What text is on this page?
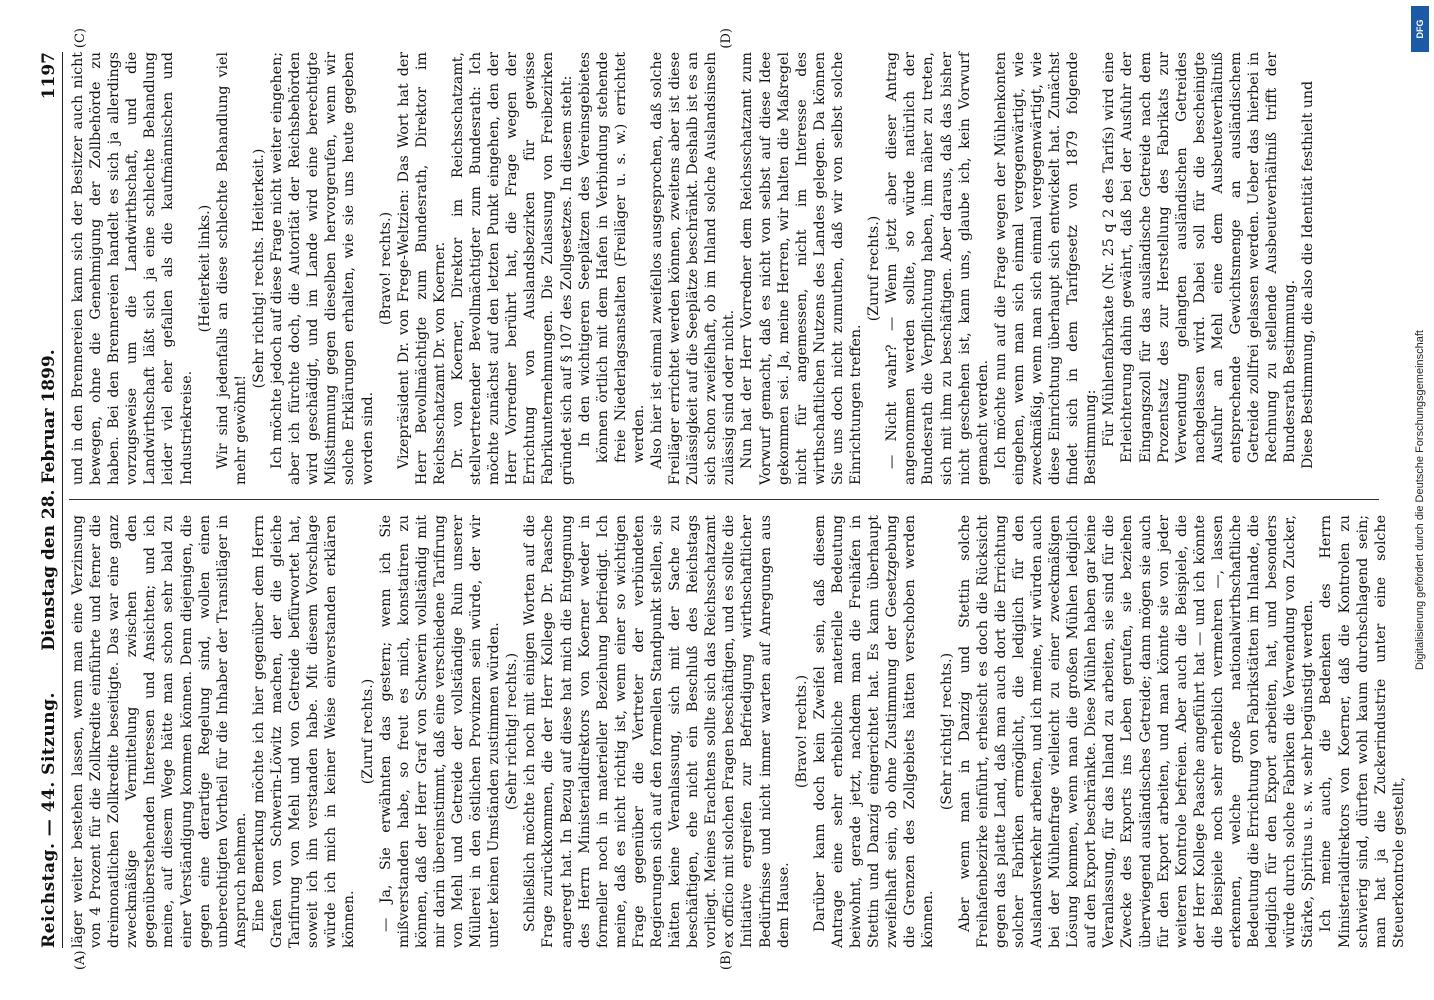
Reichstag. — 44. Sitzung.
Dienstag den 28. Februar 1899.
1197
(A)	(B)
(C)	(D)

läger weiter bestehen lassen, wenn man eine Verzinsung von 4 Prozent für die Zollkredite einführte und ferner die dreimonatlichen Zollkredite beseitigte. Das war eine ganz zweckmäßige Vermittelung zwischen den gegenüberstehenden Interessen und Ansichten; und ich meine, auf diesem Wege hätte man schon sehr bald zu einer Verständigung kommen können. Denn diejenigen, die gegen eine derartige Regelung sind, wollen einen unberechtigten Vortheil für die Inhaber der Transitläger in Anspruch nehmen. Eine Bemerkung möchte ich hier gegenüber dem Herrn Grafen von Schwerin-Löwitz machen, der die gleiche Tarifirung von Mehl und von Getreide befürwortet hat, soweit ich ihn verstanden habe. Mit diesem Vorschlage würde ich mich in keiner Weise einverstanden erklären können.

(Zuruf rechts.) — Ja, Sie erwähnten das gestern; wenn ich Sie mißverstanden habe, so freut es mich, konstatiren zu können, daß der Herr Graf von Schwerin vollständig mit mir darin übereinstimmt, daß eine verschiedene Tarifirung von Mehl und Getreide der vollständige Ruin unserer Müllerei in den östlichen Provinzen sein würde, der wir unter keinen Umständen zustimmen würden. (Sehr richtig! rechts.) Schließlich möchte ich noch mit einigen Worten auf die Frage zurückkommen, die der Herr Kollege Dr. Paasche angeregt hat. In Bezug auf diese hat mich die Entgegnung des Herrn Ministerialdirektors von Koerner weder in formeller noch in materieller Beziehung befriedigt. Ich meine, daß es nicht richtig ist, wenn einer so wichtigen Frage gegenüber die Vertreter der verbündeten Regierungen sich auf den formellen Standpunkt stellen, sie hätten keine Veranlassung, sich mit der Sache zu beschäftigen, ehe nicht ein Beschluß des Reichstags vorliegt. Meines Erachtens sollte sich das Reichsschatzamt ex officio mit solchen Fragen beschäftigen, und es sollte die Initiative ergreifen zur Befriedigung wirthschaftlicher Bedürfnisse und nicht immer warten auf Anregungen aus dem Hause.

(Bravo! rechts.) Darüber kann doch kein Zweifel sein, daß diesem Antrage eine sehr erhebliche materielle Bedeutung beiwohnt, gerade jetzt, nachdem man die Freihäfen in Stettin und Danzig eingerichtet hat. Es kann überhaupt zweifelhaft sein, ob ohne Zustimmung der Gesetzgebung die Grenzen des Zollgebiets hätten verschoben werden können.

(Sehr richtig! rechts.) Aber wenn man in Danzig und Stettin solche Freihafenbezirke einführt, erheischt es doch die Rücksicht gegen das platte Land, daß man auch dort die Errichtung solcher Fabriken ermöglicht, die lediglich für den Auslandsverkehr arbeiten, und ich meine, wir würden auch bei der Mühlenfrage vielleicht zu einer zweckmäßigen Lösung kommen, wenn man die großen Mühlen lediglich auf den Export beschränkte. Diese Mühlen haben gar keine Veranlassung, für das Inland zu arbeiten, sie sind für die Zwecke des Exports ins Leben gerufen, sie beziehen überwiegend ausländisches Getreide; dann mögen sie auch für den Export arbeiten, und man könnte sie von jeder weiteren Kontrole befreien. Aber auch die Beispiele, die der Herr Kollege Paasche angeführt hat — und ich könnte die Beispiele noch sehr erheblich vermehren —, lassen erkennen, welche große nationalwirthschaftliche Bedeutung die Errichtung von Fabrikstätten im Inlande, die lediglich für den Export arbeiten, hat, und besonders würde durch solche Fabriken die Verwendung von Zucker, Stärke, Spiritus u. s. w. sehr begünstigt werden. Ich meine auch, die Bedenken des Herrn Ministerialdirektors von Koerner, daß die Kontrolen zu schwierig sind, dürften wohl kaum durchschlagend sein; man hat ja die Zuckerindustrie unter eine solche Steuerkontrole gestellt,

und in den Brennereien kann sich der Besitzer auch nicht bewegen, ohne die Genehmigung der Zollbehörde zu haben. Bei den Brennereien handelt es sich ja allerdings vorzugsweise um die Landwirthschaft, und die Landwirthschaft läßt sich ja eine schlechte Behandlung leider viel eher gefallen als die kaufmännischen und Industriekreise.

(Heiterkeit links.) Wir sind jedenfalls an diese schlechte Behandlung viel mehr gewöhnt!

(Sehr richtig! rechts. Heiterkeit.) Ich möchte jedoch auf diese Frage nicht weiter eingehen; aber ich fürchte doch, die Autorität der Reichsbehörden wird geschädigt, und im Lande wird eine berechtigte Mißstimmung gegen dieselben hervorgerufen, wenn wir solche Erklärungen erhalten, wie sie uns heute gegeben worden sind.

(Bravo! rechts.) Vizepräsident Dr. von Frege-Weltzien: Das Wort hat der Herr Bevollmächtigte zum Bundesrath, Direktor im Reichsschatzamt Dr. von Koerner. Dr. von Koerner, Direktor im Reichsschatzamt, stellvertretender Bevollmächtigter zum Bundesrath: Ich möchte zunächst auf den letzten Punkt eingehen, den der Herr Vorredner berührt hat, die Frage wegen der Errichtung von Auslandsbezirken für gewisse Fabrikunternehmungen. Die Zulassung von Freibezirken gründet sich auf § 107 des Zollgesetzes. In diesem steht: In den wichtigeren Seeplätzen des Vereinsgebietes können örtlich mit dem Hafen in Verbindung stehende freie Niederlagsanstalten (Freiläger u. s. w.) errichtet werden. Also hier ist einmal zweifellos ausgesprochen, daß solche Freiläger errichtet werden können, zweitens aber ist diese Zulässigkeit auf die Seeplätze beschränkt. Deshalb ist es an sich schon zweifelhaft, ob im Inland solche Auslandsinseln zulässig sind oder nicht. Nun hat der Herr Vorredner dem Reichsschatzamt zum Vorwurf gemacht, daß es nicht von selbst auf diese Idee gekommen sei. Ja, meine Herren, wir halten die Maßregel nicht für angemessen, nicht im Interesse des wirthschaftlichen Nutzens des Landes gelegen. Da können Sie uns doch nicht zumuthen, daß wir von selbst solche Einrichtungen treffen.

(Zuruf rechts.) — Nicht wahr? — Wenn jetzt aber dieser Antrag angenommen werden sollte, so würde natürlich der Bundesrath die Verpflichtung haben, ihm näher zu treten, sich mit ihm zu beschäftigen. Aber daraus, daß das bisher nicht geschehen ist, kann uns, glaube ich, kein Vorwurf gemacht werden. Ich möchte nun auf die Frage wegen der Mühlenkonten eingehen, wenn man sich einmal vergegenwärtigt, wie zweckmäßig, wenn man sich einmal vergegenwärtigt, wie diese Einrichtung überhaupt sich entwickelt hat. Zunächst findet sich in dem Tarifgesetz von 1879 folgende Bestimmung: Für Mühlenfabrikate (Nr. 25 q 2 des Tarifs) wird eine Erleichterung dahin gewährt, daß bei der Ausfuhr der Eingangszoll für das ausländische Getreide nach dem Prozentsatz des zur Herstellung des Fabrikats zur Verwendung gelangten ausländischen Getreides nachgelassen wird. Dabei soll für die bescheinigte Ausfuhr an Mehl eine dem Ausbeuteverhältniß entsprechende Gewichtsmenge an ausländischem Getreide zollfrei gelassen werden. Ueber das hierbei in Rechnung zu stellende Ausbeuteverhältniß trifft der Bundesrath Bestimmung. Diese Bestimmung, die also die Identität festhielt und

DFG
Digitalisierung gefördert durch die Deutsche Forschungsgemeinschaft
